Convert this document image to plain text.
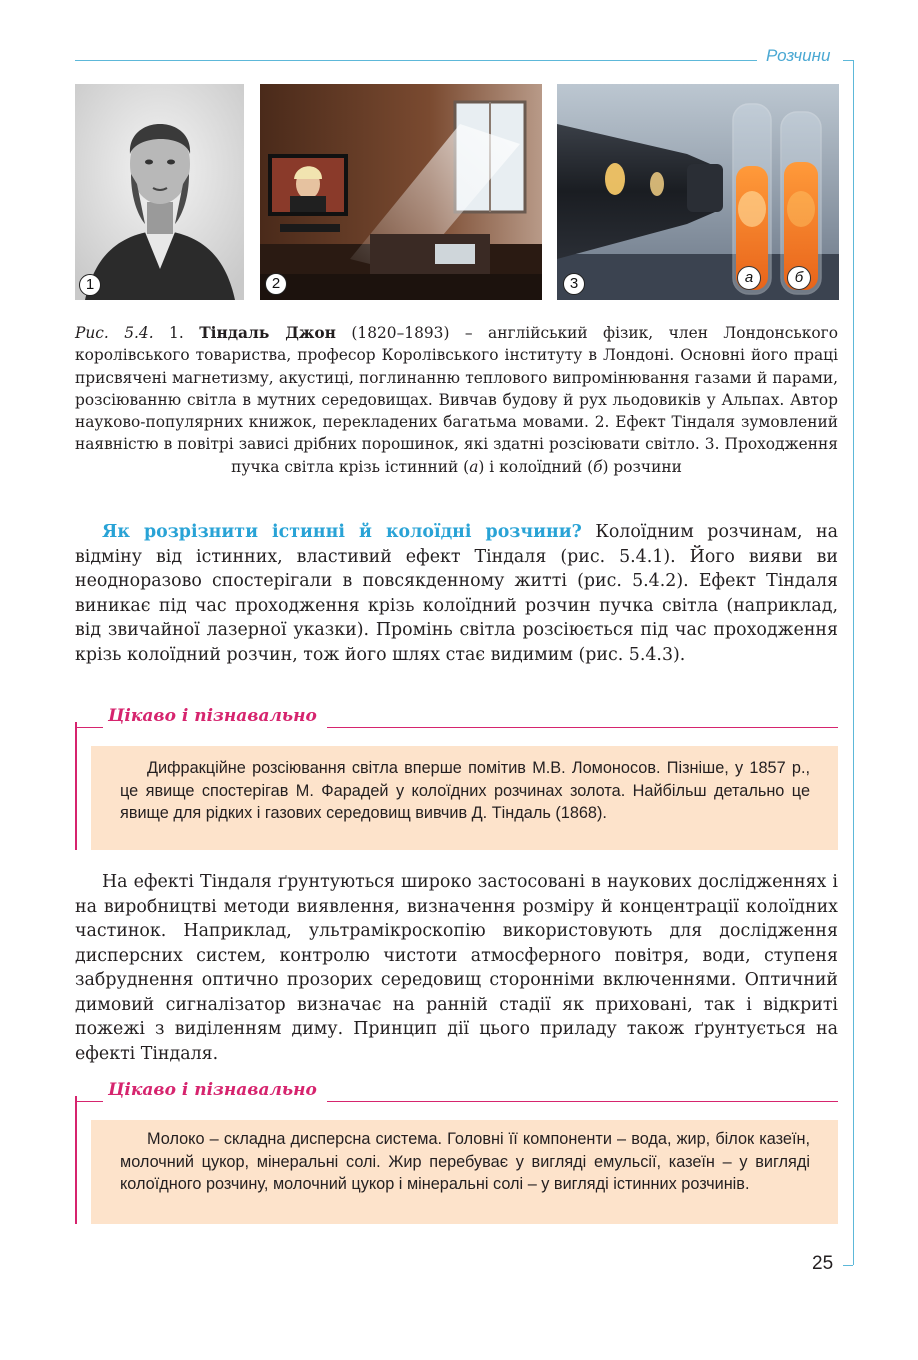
Розчини
1	2	3	а	б
Рис. 5.4. 1. Тіндаль Джон (1820–1893) – англійський фізик, член Лондонського королівського товариства, професор Королівського інституту в Лондоні. Основні його праці присвячені магнетизму, акустиці, поглинанню теплового випромінювання газами й парами, розсіюванню світла в мутних середовищах. Вивчав будову й рух льодовиків у Альпах. Автор науково-популярних книжок, перекладених багатьма мовами. 2. Ефект Тіндаля зумовлений наявністю в повітрі зависі дрібних порошинок, які здатні розсіювати світло. 3. Проходження пучка світла крізь істинний (а) і колоїдний (б) розчини

Як розрізнити істинні й колоїдні розчини? Колоїдним розчинам, на відміну від істинних, властивий ефект Тіндаля (рис. 5.4.1). Його вияви ви неодноразово спостерігали в повсякденному житті (рис. 5.4.2). Ефект Тіндаля виникає під час проходження крізь колоїдний розчин пучка світла (наприклад, від звичайної лазерної указки). Промінь світла розсіюється під час проходження крізь колоїдний розчин, тож його шлях стає видимим (рис. 5.4.3).

Цікаво і пізнавально

Дифракційне розсіювання світла вперше помітив М.В. Ломоносов. Пізніше, у 1857 р., це явище спостерігав М. Фарадей у колоїдних розчинах золота. Найбільш детально це явище для рідких і газових середовищ вивчив Д. Тіндаль (1868).

На ефекті Тіндаля ґрунтуються широко застосовані в наукових дослідженнях і на виробництві методи виявлення, визначення розміру й концентрації колоїдних частинок. Наприклад, ультрамікроскопію використовують для дослідження дисперсних систем, контролю чистоти атмосферного повітря, води, ступеня забруднення оптично прозорих середовищ сторонніми включеннями. Оптичний димовий сигналізатор визначає на ранній стадії як приховані, так і відкриті пожежі з виділенням диму. Принцип дії цього приладу також ґрунтується на ефекті Тіндаля.

Цікаво і пізнавально

Молоко – складна дисперсна система. Головні її компоненти – вода, жир, білок казеїн, молочний цукор, мінеральні солі. Жир перебуває у вигляді емульсії, казеїн – у вигляді колоїдного розчину, молочний цукор і мінеральні солі – у вигляді істинних розчинів.

25
